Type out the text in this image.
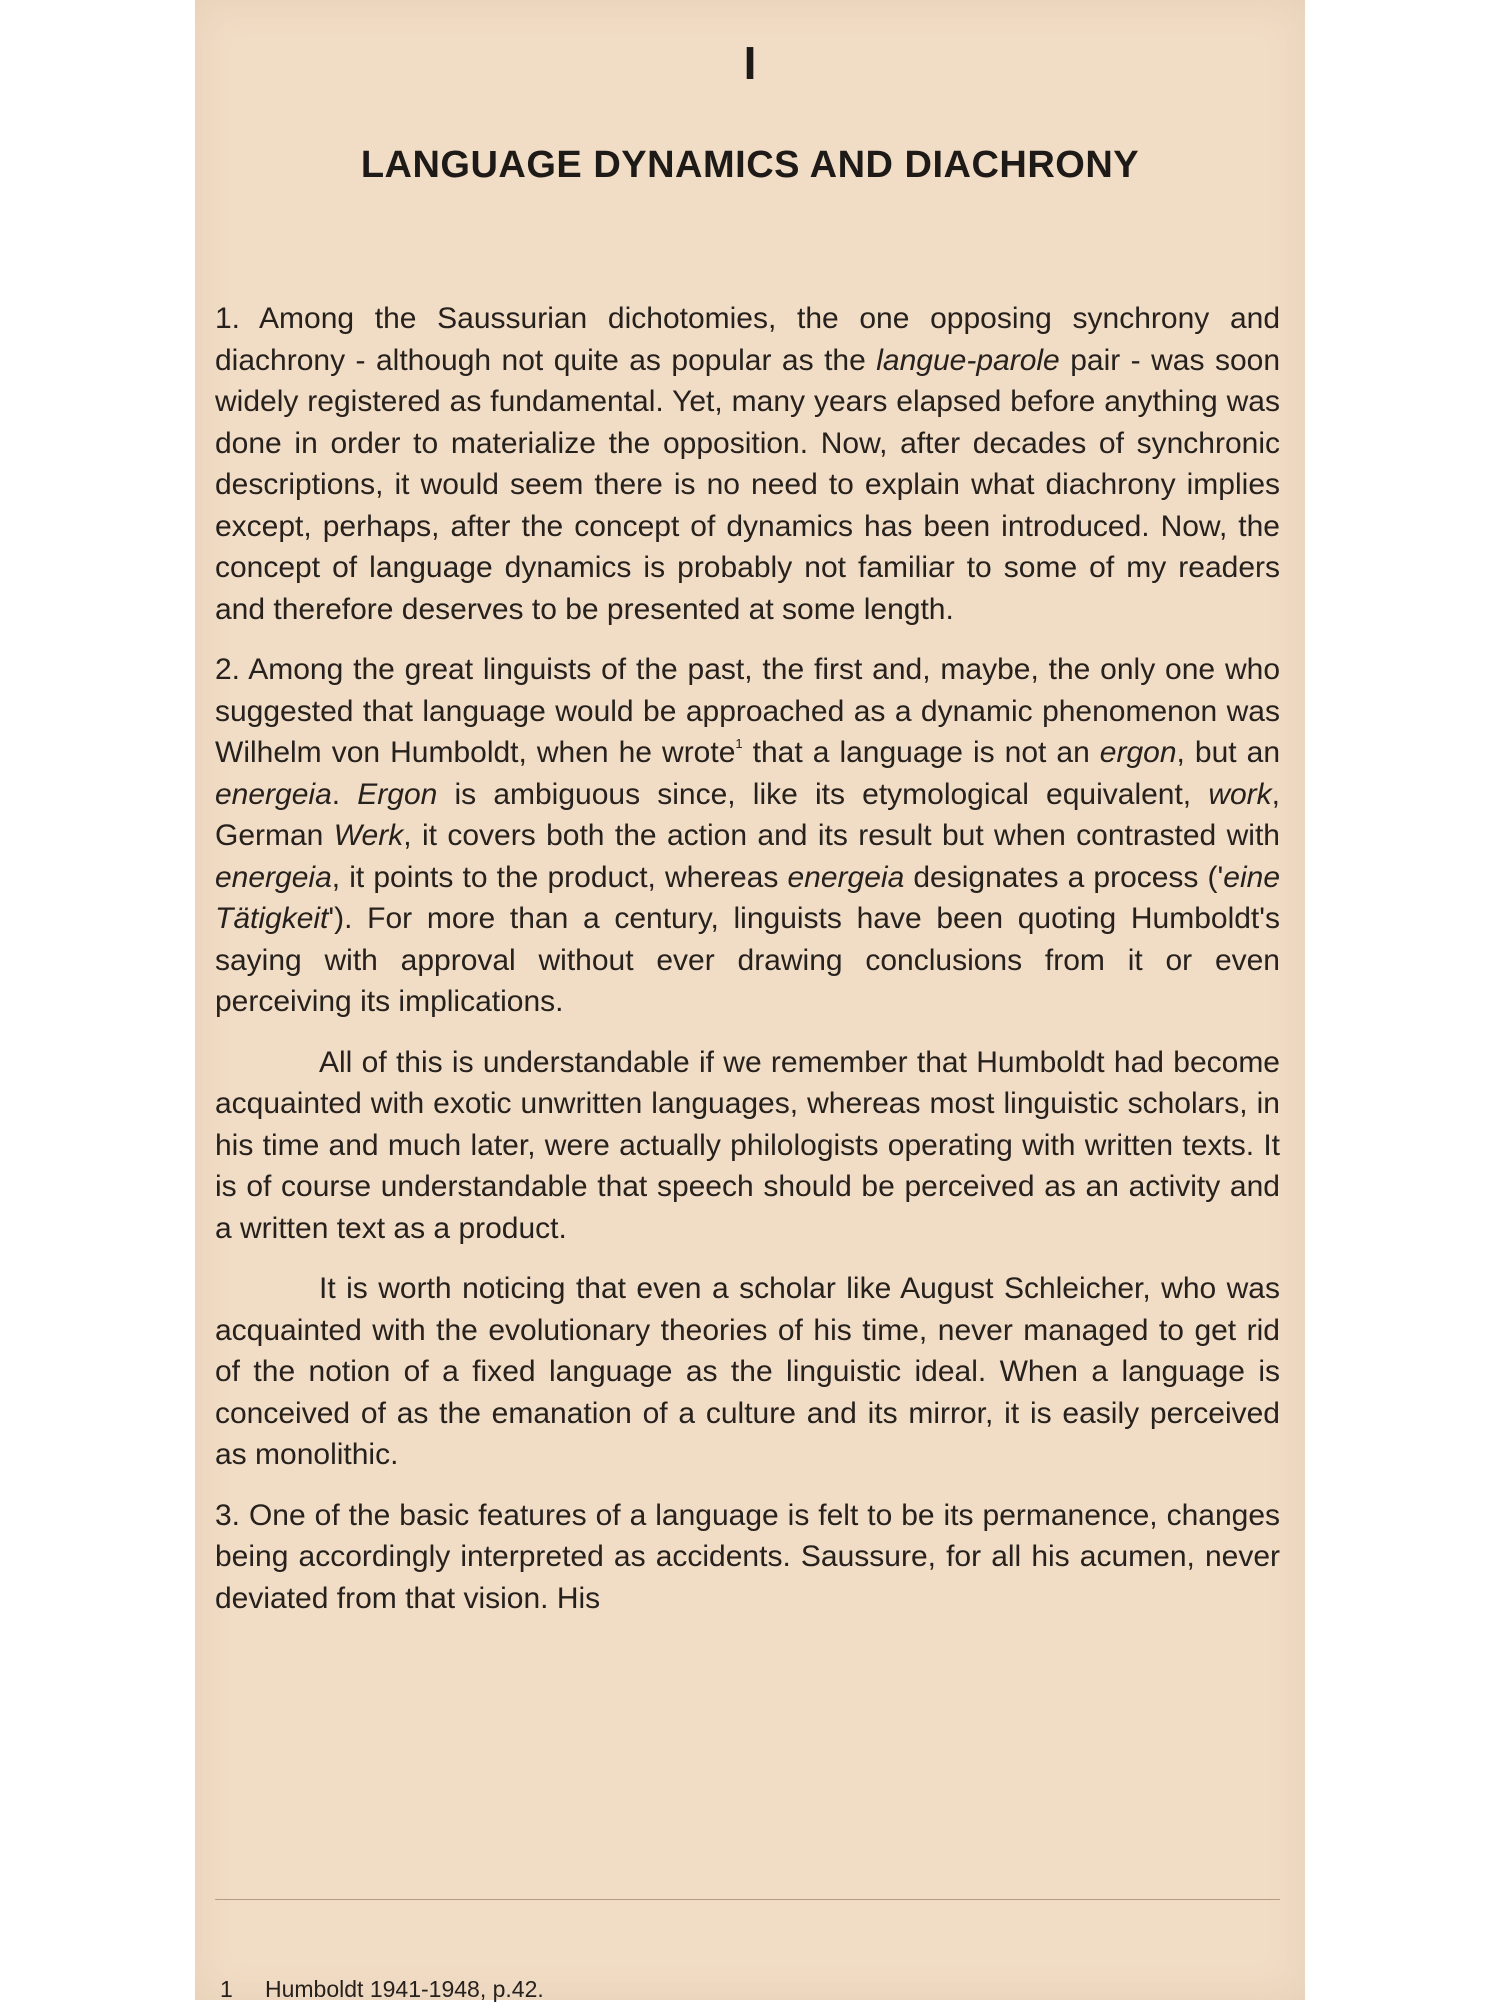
I
LANGUAGE DYNAMICS AND DIACHRONY

1. Among the Saussurian dichotomies, the one opposing synchrony and diachrony - although not quite as popular as the langue-parole pair - was soon widely registered as fundamental. Yet, many years elapsed before anything was done in order to materialize the opposition. Now, after decades of synchronic descriptions, it would seem there is no need to explain what diachrony implies except, perhaps, after the concept of dynamics has been introduced. Now, the concept of language dynamics is probably not familiar to some of my readers and therefore deserves to be presented at some length.

2. Among the great linguists of the past, the first and, maybe, the only one who suggested that language would be approached as a dynamic phenomenon was Wilhelm von Humboldt, when he wrote$^1$ that a language is not an ergon, but an energeia. Ergon is ambiguous since, like its etymological equivalent, work, German Werk, it covers both the action and its result but when contrasted with energeia, it points to the product, whereas energeia designates a process ('eine Tätigkeit'). For more than a century, linguists have been quoting Humboldt's saying with approval without ever drawing conclusions from it or even perceiving its implications.

All of this is understandable if we remember that Humboldt had become acquainted with exotic unwritten languages, whereas most linguistic scholars, in his time and much later, were actually philologists operating with written texts. It is of course understandable that speech should be perceived as an activity and a written text as a product.

It is worth noticing that even a scholar like August Schleicher, who was acquainted with the evolutionary theories of his time, never managed to get rid of the notion of a fixed language as the linguistic ideal. When a language is conceived of as the emanation of a culture and its mirror, it is easily perceived as monolithic.

3. One of the basic features of a language is felt to be its permanence, changes being accordingly interpreted as accidents. Saussure, for all his acumen, never deviated from that vision. His

1 Humboldt 1941-1948, p.42.
